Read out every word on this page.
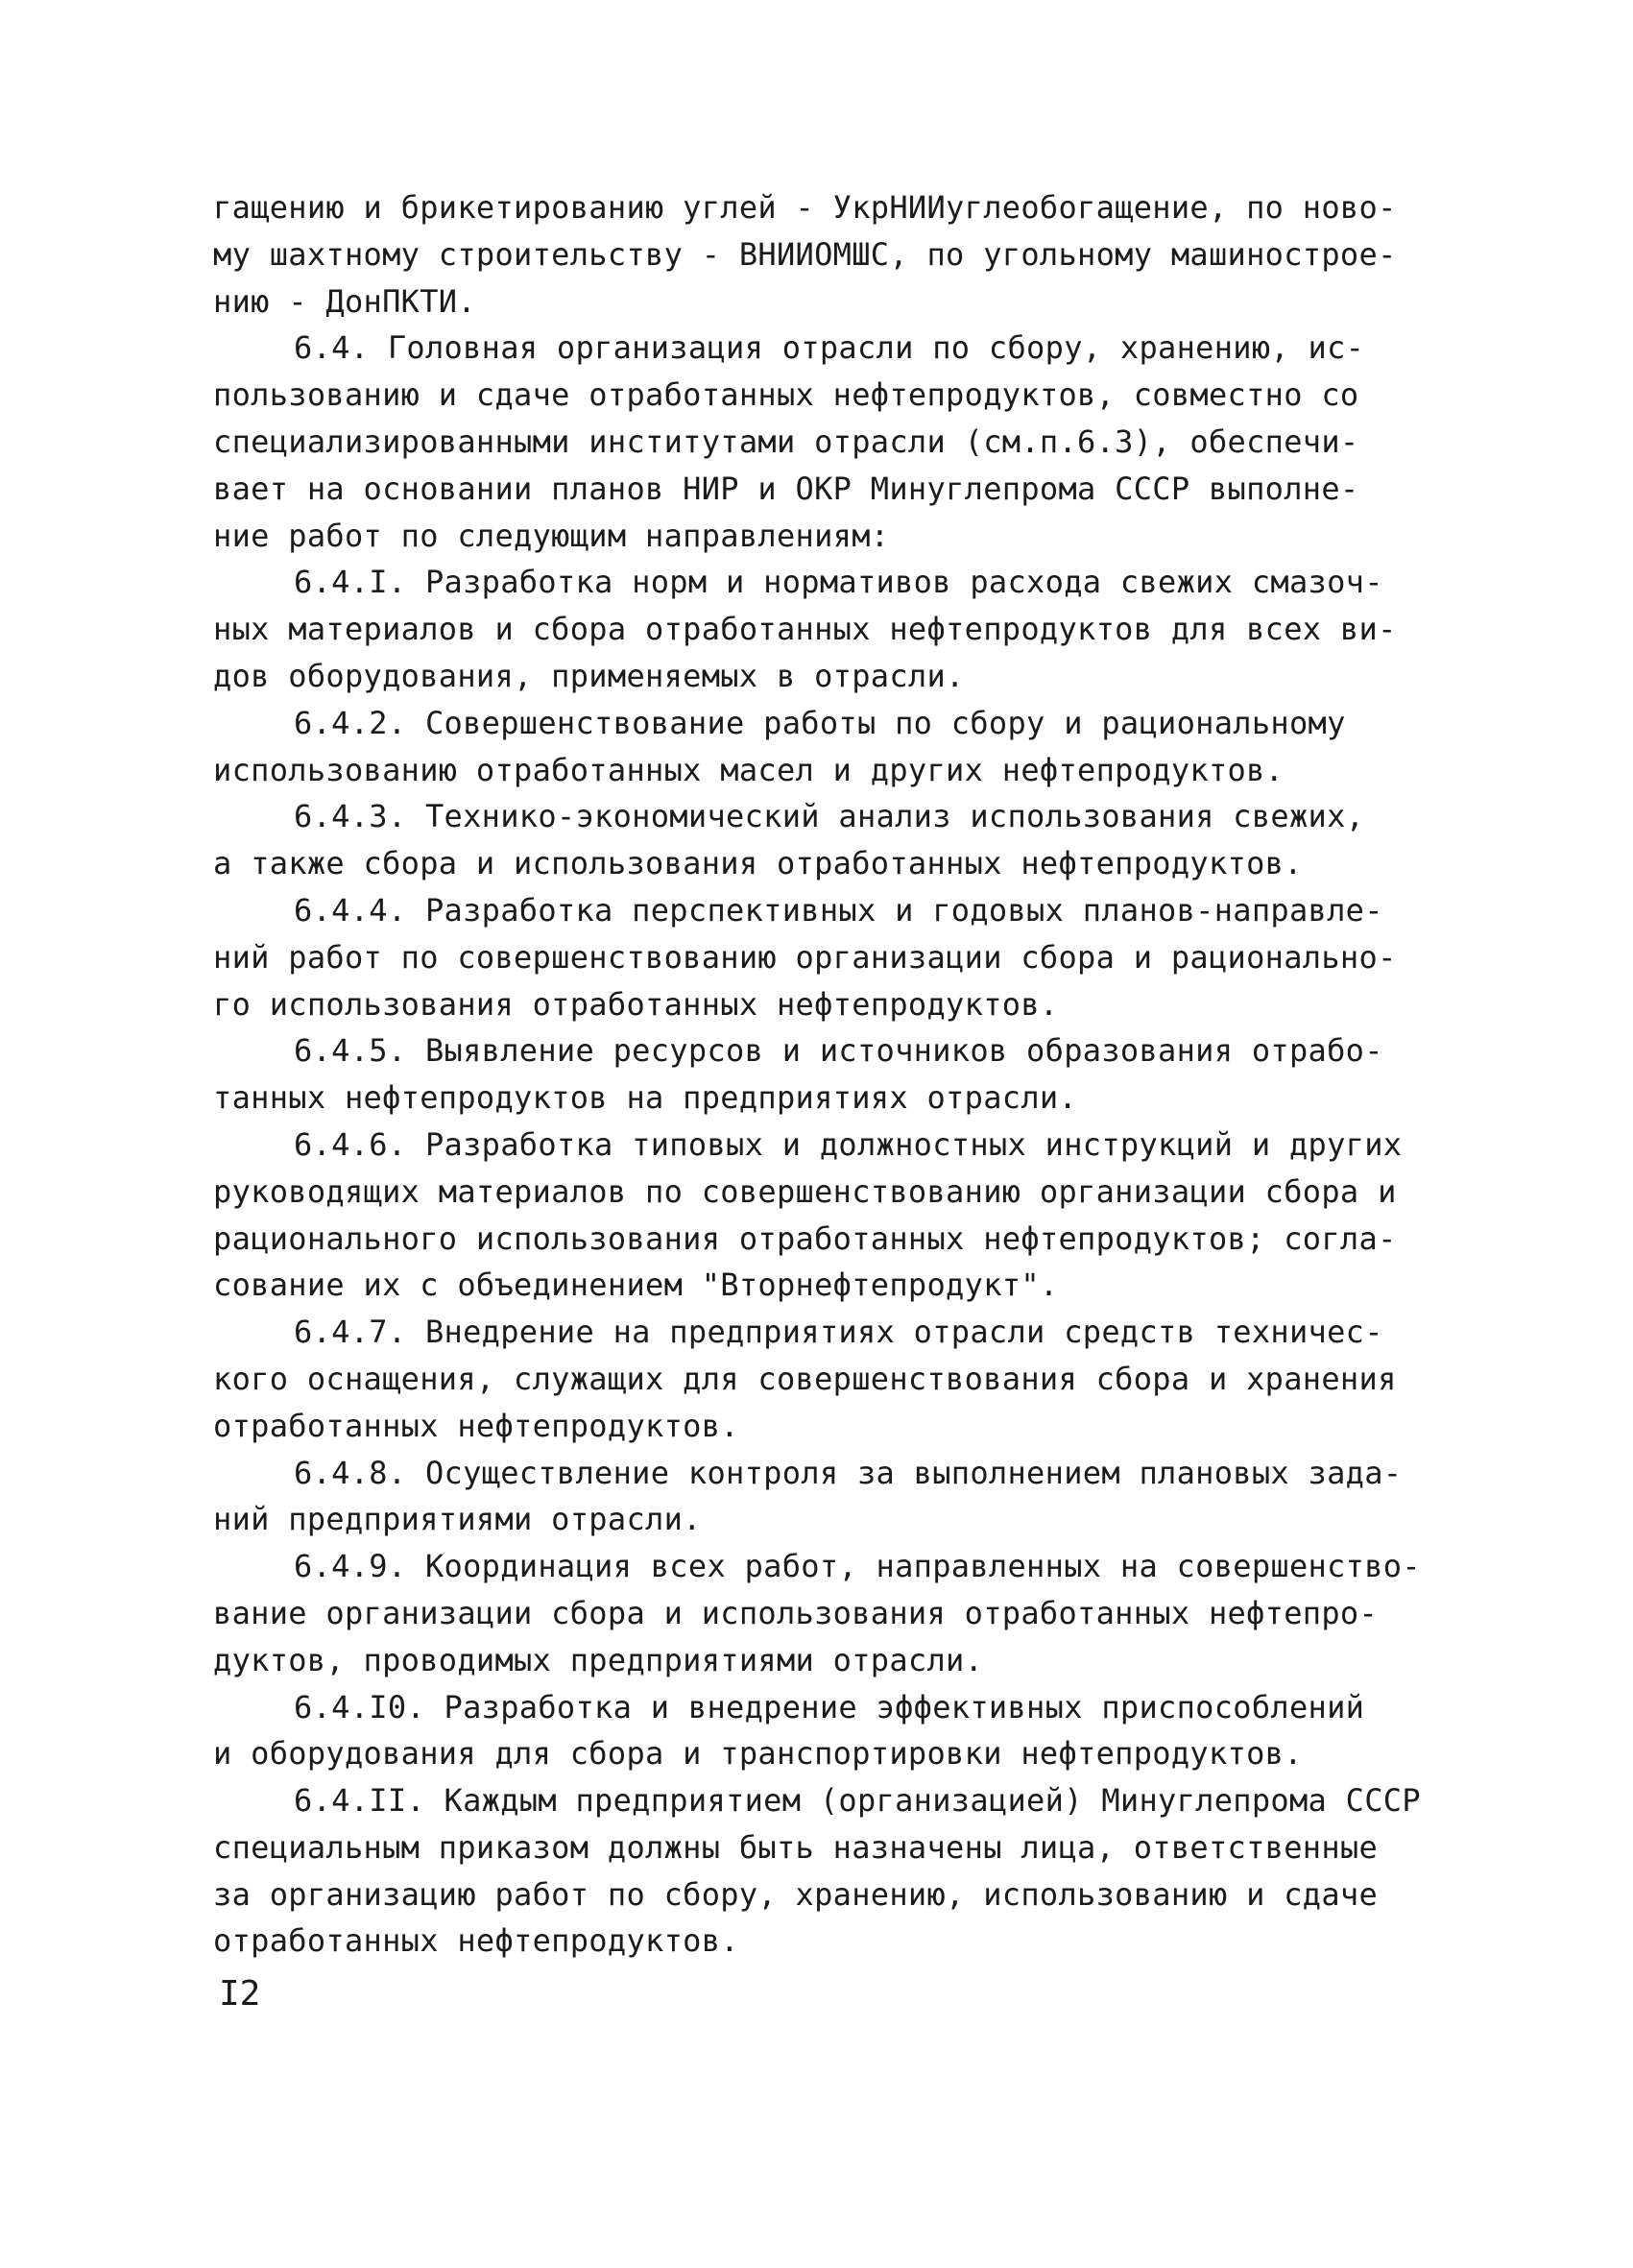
гащению и брикетированию углей - УкрНИИуглеобогащение, по ново-
му шахтному строительству - ВНИИОМШС, по угольному машинострое-
нию - ДонПКТИ.
6.4. Головная организация отрасли по сбору, хранению, ис-
пользованию и сдаче отработанных нефтепродуктов, совместно со
специализированными институтами отрасли (см.п.6.3), обеспечи-
вает на основании планов НИР и ОКР Минуглепрома СССР выполне-
ние работ по следующим направлениям:
6.4.I. Разработка норм и нормативов расхода свежих смазоч-
ных материалов и сбора отработанных нефтепродуктов для всех ви-
дов оборудования, применяемых в отрасли.
6.4.2. Совершенствование работы по сбору и рациональному
использованию отработанных масел и других нефтепродуктов.
6.4.3. Технико-экономический анализ использования свежих,
а также сбора и использования отработанных нефтепродуктов.
6.4.4. Разработка перспективных и годовых планов-направле-
ний работ по совершенствованию организации сбора и рационально-
го использования отработанных нефтепродуктов.
6.4.5. Выявление ресурсов и источников образования отрабо-
танных нефтепродуктов на предприятиях отрасли.
6.4.6. Разработка типовых и должностных инструкций и других
руководящих материалов по совершенствованию организации сбора и
рационального использования отработанных нефтепродуктов; согла-
сование их с объединением "Вторнефтепродукт".
6.4.7. Внедрение на предприятиях отрасли средств техничес-
кого оснащения, служащих для совершенствования сбора и хранения
отработанных нефтепродуктов.
6.4.8. Осуществление контроля за выполнением плановых зада-
ний предприятиями отрасли.
6.4.9. Координация всех работ, направленных на совершенство-
вание организации сбора и использования отработанных нефтепро-
дуктов, проводимых предприятиями отрасли.
6.4.I0. Разработка и внедрение эффективных приспособлений
и оборудования для сбора и транспортировки нефтепродуктов.
6.4.II. Каждым предприятием (организацией) Минуглепрома СССР
специальным приказом должны быть назначены лица, ответственные
за организацию работ по сбору, хранению, использованию и сдаче
отработанных нефтепродуктов.
I2
